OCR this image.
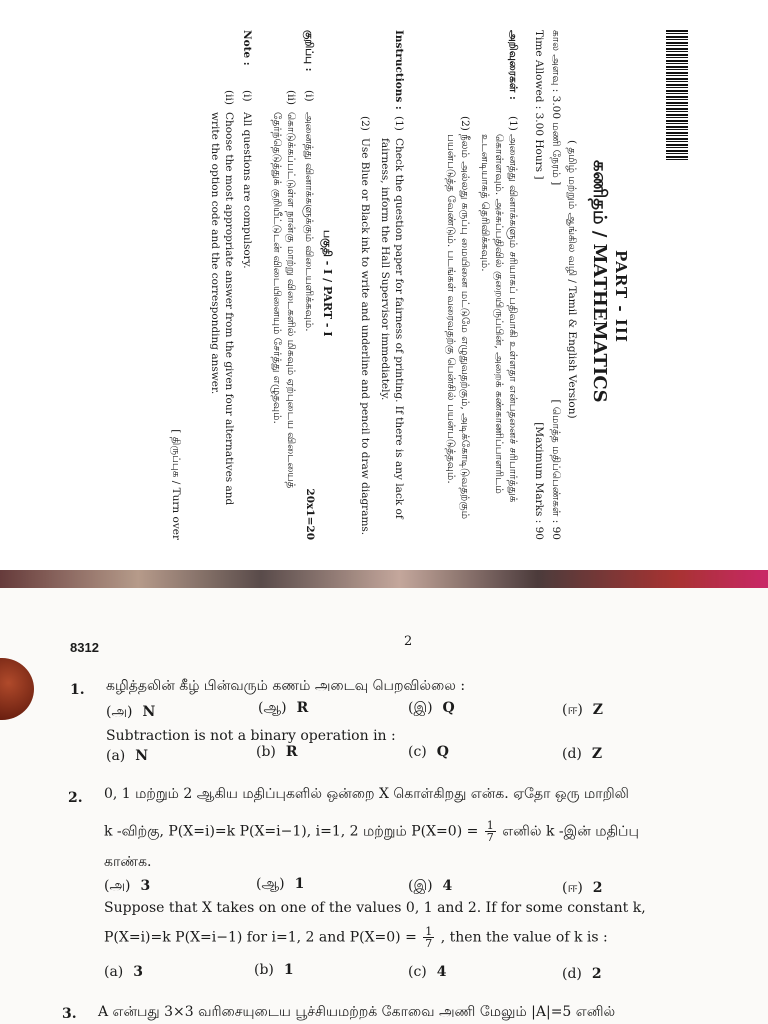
PART - III
கணிதம் / MATHEMATICS
( தமிழ் மற்றும் ஆங்கில வழி / Tamil & English Version)
கால அளவு : 3.00 மணி நேரம் ]
Time Allowed : 3.00 Hours ]
[ மொத்த மதிப்பெண்கள் : 90
[Maximum Marks : 90
அறிவுரைகள் :(1)அனைத்து வினாக்களும் சரியாகப் பதிவாகி உள்ளதா என்பதனைச் சரிபார்த்துக் கொள்ளவும். அச்சுப்பதிவில் குறையிருப்பின், அறைக் கண்காணிப்பாளரிடம் உடனடியாகத் தெரிவிக்கவும்.
(2)நீலம் அல்லது கருப்பு மையினை மட்டுமே எழுதுவதற்கும், அடிக்கோடிடுவதற்கும் பயன்படுத்த வேண்டும். படங்கள் வரைவதற்கு பென்சில் பயன்படுத்தவும்.
Instructions :(1)Check the question paper for fairness of printing. If there is any lack of fairness, inform the Hall Supervisor immediately.
(2)Use Blue or Black ink to write and underline and pencil to draw diagrams.
பகுதி - I / PART - I
20x1=20
குறிப்பு :(i)அனைத்து வினாக்களுக்கும் விடையளிக்கவும்.
(ii)கொடுக்கப்பட்டுள்ள நான்கு மாற்று விடைகளில் மிகவும் ஏற்புடைய விடையைத் தேர்ந்தெடுத்துக் குறியீட்டுடன் விடையினையும் சேர்த்து எழுதவும்.
Note :(i)All questions are compulsory.
(ii)Choose the most appropriate answer from the given four alternatives and write the option code and the corresponding answer.
[ திருப்புக / Turn over
8312	2
1. கழித்தலின் கீழ் பின்வரும் கணம் அடைவு பெறவில்லை :
(அ) N	(ஆ) R	(இ) Q	(ஈ) Z
Subtraction is not a binary operation in :
(a) N	(b) R	(c) Q	(d) Z
2. 0, 1 மற்றும் 2 ஆகிய மதிப்புகளில் ஒன்றை X கொள்கிறது என்க. ஏதோ ஒரு மாறிலி
k -விற்கு, P(X=i)=k P(X=i−1), i=1, 2 மற்றும் $P(X=0) = \frac{1}{7}$ எனில் k -இன் மதிப்பு
காண்க.
(அ) 3	(ஆ) 1	(இ) 4	(ஈ) 2
Suppose that X takes on one of the values 0, 1 and 2. If for some constant k,
P(X=i)=k P(X=i−1) for i=1, 2 and $P(X=0) = \frac{1}{7}$ , then the value of k is :
(a) 3	(b) 1	(c) 4	(d) 2
3. A என்பது 3×3 வரிசையுடைய பூச்சியமற்றக் கோவை அணி மேலும் |A|=5 எனில்
